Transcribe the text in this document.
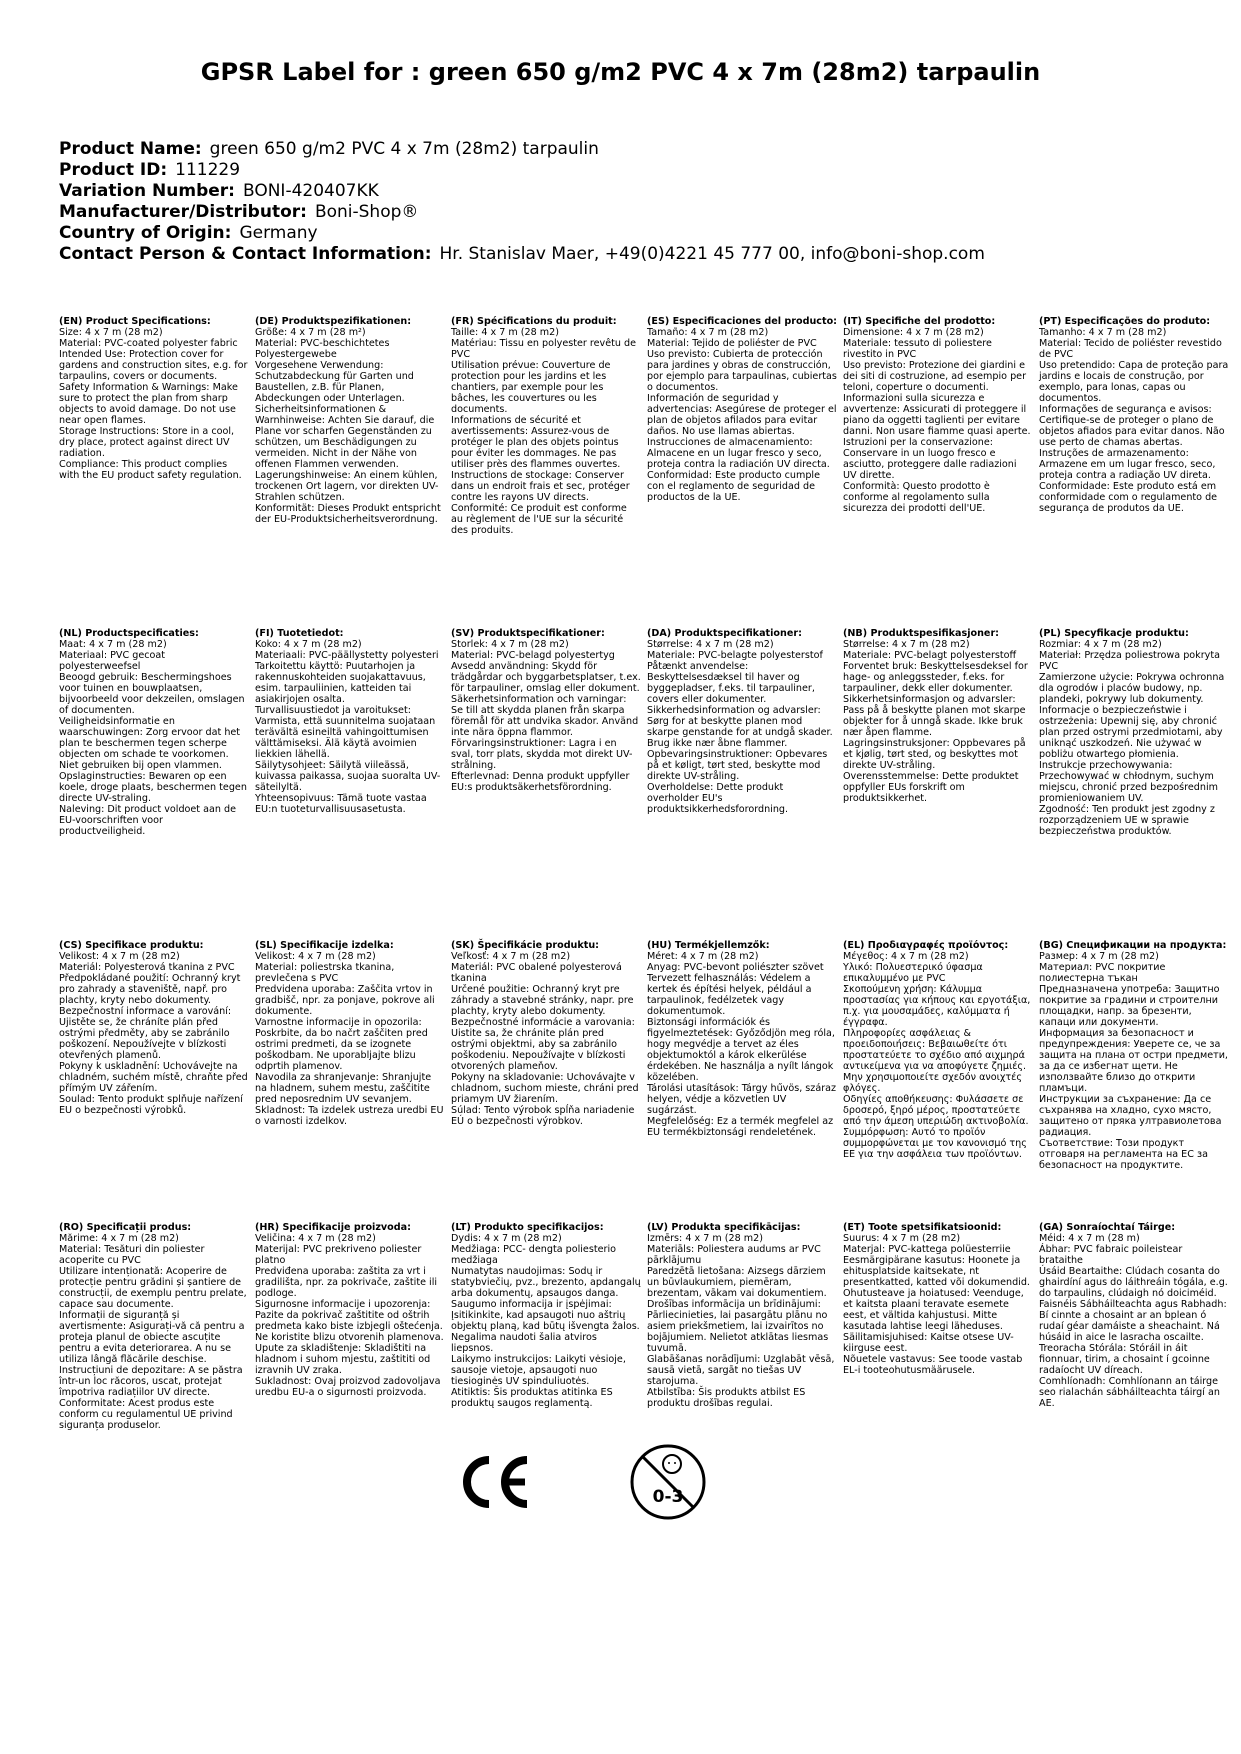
GPSR Label for : green 650 g/m2 PVC 4 x 7m (28m2) tarpaulin
Product Name: green 650 g/m2 PVC 4 x 7m (28m2) tarpaulin
Product ID: 111229
Variation Number: BONI-420407KK
Manufacturer/Distributor: Boni-Shop®
Country of Origin: Germany
Contact Person & Contact Information: Hr. Stanislav Maer, +49(0)4221 45 777 00, info@boni-shop.com
(EN) Product Specifications:

Size: 4 x 7 m (28 m2)

Material: PVC-coated polyester fabric

Intended Use: Protection cover for gardens and construction sites, e.g. for tarpaulins, covers or documents.

Safety Information & Warnings: Make sure to protect the plan from sharp objects to avoid damage. Do not use near open flames.

Storage Instructions: Store in a cool, dry place, protect against direct UV radiation.

Compliance: This product complies with the EU product safety regulation.

(DE) Produktspezifikationen:

Größe: 4 x 7 m (28 m²)

Material: PVC-beschichtetes Polyestergewebe

Vorgesehene Verwendung: Schutzabdeckung für Garten und Baustellen, z.B. für Planen, Abdeckungen oder Unterlagen.

Sicherheitsinformationen & Warnhinweise: Achten Sie darauf, die Plane vor scharfen Gegenständen zu schützen, um Beschädigungen zu vermeiden. Nicht in der Nähe von offenen Flammen verwenden.

Lagerungshinweise: An einem kühlen, trockenen Ort lagern, vor direkten UV-Strahlen schützen.

Konformität: Dieses Produkt entspricht der EU-Produktsicherheitsverordnung.

(FR) Spécifications du produit:

Taille: 4 x 7 m (28 m2)

Matériau: Tissu en polyester revêtu de PVC

Utilisation prévue: Couverture de protection pour les jardins et les chantiers, par exemple pour les bâches, les couvertures ou les documents.

Informations de sécurité et avertissements: Assurez-vous de protéger le plan des objets pointus pour éviter les dommages. Ne pas utiliser près des flammes ouvertes.

Instructions de stockage: Conserver dans un endroit frais et sec, protéger contre les rayons UV directs.

Conformité: Ce produit est conforme au règlement de l'UE sur la sécurité des produits.

(ES) Especificaciones del producto:

Tamaño: 4 x 7 m (28 m2)

Material: Tejido de poliéster de PVC

Uso previsto: Cubierta de protección para jardines y obras de construcción, por ejemplo para tarpaulinas, cubiertas o documentos.

Información de seguridad y advertencias: Asegúrese de proteger el plan de objetos afilados para evitar daños. No use llamas abiertas.

Instrucciones de almacenamiento: Almacene en un lugar fresco y seco, proteja contra la radiación UV directa.

Conformidad: Este producto cumple con el reglamento de seguridad de productos de la UE.

(IT) Specifiche del prodotto:

Dimensione: 4 x 7 m (28 m2)

Materiale: tessuto di poliestere rivestito in PVC

Uso previsto: Protezione dei giardini e dei siti di costruzione, ad esempio per teloni, coperture o documenti.

Informazioni sulla sicurezza e avvertenze: Assicurati di proteggere il piano da oggetti taglienti per evitare danni. Non usare fiamme quasi aperte.

Istruzioni per la conservazione: Conservare in un luogo fresco e asciutto, proteggere dalle radiazioni UV dirette.

Conformità: Questo prodotto è conforme al regolamento sulla sicurezza dei prodotti dell'UE.

(PT) Especificações do produto:

Tamanho: 4 x 7 m (28 m2)

Material: Tecido de poliéster revestido de PVC

Uso pretendido: Capa de proteção para jardins e locais de construção, por exemplo, para lonas, capas ou documentos.

Informações de segurança e avisos: Certifique-se de proteger o plano de objetos afiados para evitar danos. Não use perto de chamas abertas.

Instruções de armazenamento: Armazene em um lugar fresco, seco, proteja contra a radiação UV direta.

Conformidade: Este produto está em conformidade com o regulamento de segurança de produtos da UE.

(NL) Productspecificaties:

Maat: 4 x 7 m (28 m2)

Materiaal: PVC gecoat polyesterweefsel

Beoogd gebruik: Beschermingshoes voor tuinen en bouwplaatsen, bijvoorbeeld voor dekzeilen, omslagen of documenten.

Veiligheidsinformatie en waarschuwingen: Zorg ervoor dat het plan te beschermen tegen scherpe objecten om schade te voorkomen. Niet gebruiken bij open vlammen.

Opslaginstructies: Bewaren op een koele, droge plaats, beschermen tegen directe UV-straling.

Naleving: Dit product voldoet aan de EU-voorschriften voor productveiligheid.

(FI) Tuotetiedot:

Koko: 4 x 7 m (28 m2)

Materiaali: PVC-päällystetty polyesteri

Tarkoitettu käyttö: Puutarhojen ja rakennuskohteiden suojakattavuus, esim. tarpauliinien, katteiden tai asiakirjojen osalta.

Turvallisuustiedot ja varoitukset: Varmista, että suunnitelma suojataan terävältä esineiltä vahingoittumisen välttämiseksi. Älä käytä avoimien liekkien lähellä.

Säilytysohjeet: Säilytä viileässä, kuivassa paikassa, suojaa suoralta UV-säteilyltä.

Yhteensopivuus: Tämä tuote vastaa EU:n tuoteturvallisuusasetusta.

(SV) Produktspecifikationer:

Storlek: 4 x 7 m (28 m2)

Material: PVC-belagd polyestertyg

Avsedd användning: Skydd för trädgårdar och byggarbetsplatser, t.ex. för tarpauliner, omslag eller dokument.

Säkerhetsinformation och varningar: Se till att skydda planen från skarpa föremål för att undvika skador. Använd inte nära öppna flammor.

Förvaringsinstruktioner: Lagra i en sval, torr plats, skydda mot direkt UV-strålning.

Efterlevnad: Denna produkt uppfyller EU:s produktsäkerhetsförordning.

(DA) Produktspecifikationer:

Størrelse: 4 x 7 m (28 m2)

Materiale: PVC-belagte polyesterstof

Påtænkt anvendelse: Beskyttelsesdæksel til haver og byggepladser, f.eks. til tarpauliner, covers eller dokumenter.

Sikkerhedsinformation og advarsler: Sørg for at beskytte planen mod skarpe genstande for at undgå skader. Brug ikke nær åbne flammer.

Opbevaringsinstruktioner: Opbevares på et køligt, tørt sted, beskytte mod direkte UV-stråling.

Overholdelse: Dette produkt overholder EU's produktsikkerhedsforordning.

(NB) Produktspesifikasjoner:

Størrelse: 4 x 7 m (28 m2)

Materiale: PVC-belagt polyesterstoff

Forventet bruk: Beskyttelsesdeksel for hage- og anleggssteder, f.eks. for tarpauliner, dekk eller dokumenter.

Sikkerhetsinformasjon og advarsler: Pass på å beskytte planen mot skarpe objekter for å unngå skade. Ikke bruk nær åpen flamme.

Lagringsinstruksjoner: Oppbevares på et kjølig, tørt sted, og beskyttes mot direkte UV-stråling.

Overensstemmelse: Dette produktet oppfyller EUs forskrift om produktsikkerhet.

(PL) Specyfikacje produktu:

Rozmiar: 4 x 7 m (28 m2)

Materiał: Przędza poliestrowa pokryta PVC

Zamierzone użycie: Pokrywa ochronna dla ogrodów i placów budowy, np. plandeki, pokrywy lub dokumenty.

Informacje o bezpieczeństwie i ostrzeżenia: Upewnij się, aby chronić plan przed ostrymi przedmiotami, aby uniknąć uszkodzeń. Nie używać w pobliżu otwartego płomienia.

Instrukcje przechowywania: Przechowywać w chłodnym, suchym miejscu, chronić przed bezpośrednim promieniowaniem UV.

Zgodność: Ten produkt jest zgodny z rozporządzeniem UE w sprawie bezpieczeństwa produktów.

(CS) Specifikace produktu:

Velikost: 4 x 7 m (28 m2)

Materiál: Polyesterová tkanina z PVC

Předpokládané použití: Ochranný kryt pro zahrady a staveniště, např. pro plachty, kryty nebo dokumenty.

Bezpečnostní informace a varování: Ujistěte se, že chráníte plán před ostrými předměty, aby se zabránilo poškození. Nepoužívejte v blízkosti otevřených plamenů.

Pokyny k uskladnění: Uchovávejte na chladném, suchém místě, chraňte před přímým UV zářením.

Soulad: Tento produkt splňuje nařízení EU o bezpečnosti výrobků.

(SL) Specifikacije izdelka:

Velikost: 4 x 7 m (28 m2)

Material: poliestrska tkanina, prevlečena s PVC

Predvidena uporaba: Zaščita vrtov in gradbišč, npr. za ponjave, pokrove ali dokumente.

Varnostne informacije in opozorila: Poskrbite, da bo načrt zaščiten pred ostrimi predmeti, da se izognete poškodbam. Ne uporabljajte blizu odprtih plamenov.

Navodila za shranjevanje: Shranjujte na hladnem, suhem mestu, zaščitite pred neposrednim UV sevanjem.

Skladnost: Ta izdelek ustreza uredbi EU o varnosti izdelkov.

(SK) Špecifikácie produktu:

Veľkosť: 4 x 7 m (28 m2)

Materiál: PVC obalené polyesterová tkanina

Určené použitie: Ochranný kryt pre záhrady a stavebné stránky, napr. pre plachty, kryty alebo dokumenty.

Bezpečnostné informácie a varovania: Uistite sa, že chránite plán pred ostrými objektmi, aby sa zabránilo poškodeniu. Nepoužívajte v blízkosti otvorených plameňov.

Pokyny na skladovanie: Uchovávajte v chladnom, suchom mieste, chráni pred priamym UV žiarením.

Súlad: Tento výrobok spĺňa nariadenie EÚ o bezpečnosti výrobkov.

(HU) Termékjellemzők:

Méret: 4 x 7 m (28 m2)

Anyag: PVC-bevont poliészter szövet

Tervezett felhasználás: Védelem a kertek és építési helyek, például a tarpaulinok, fedélzetek vagy dokumentumok.

Biztonsági információk és figyelmeztetések: Győződjön meg róla, hogy megvédje a tervet az éles objektumoktól a károk elkerülése érdekében. Ne használja a nyílt lángok közelében.

Tárolási utasítások: Tárgy hűvös, száraz helyen, védje a közvetlen UV sugárzást.

Megfelelőség: Ez a termék megfelel az EU termékbiztonsági rendeletének.

(EL) Προδιαγραφές προϊόντος:

Μέγεθος: 4 x 7 m (28 m2)

Υλικό: Πολυεστερικό ύφασμα επικαλυμμένο με PVC

Σκοπούμενη χρήση: Κάλυμμα προστασίας για κήπους και εργοτάξια, π.χ. για μουσαμάδες, καλύμματα ή έγγραφα.

Πληροφορίες ασφάλειας & προειδοποιήσεις: Βεβαιωθείτε ότι προστατεύετε το σχέδιο από αιχμηρά αντικείμενα για να αποφύγετε ζημιές. Μην χρησιμοποιείτε σχεδόν ανοιχτές φλόγες.

Οδηγίες αποθήκευσης: Φυλάσσετε σε δροσερό, ξηρό μέρος, προστατεύετε από την άμεση υπεριώδη ακτινοβολία.

Συμμόρφωση: Αυτό το προϊόν συμμορφώνεται με τον κανονισμό της ΕΕ για την ασφάλεια των προϊόντων.

(BG) Спецификации на продукта:

Размер: 4 x 7 m (28 m2)

Материал: PVC покритие полиестерна тъкан

Предназначена употреба: Защитно покритие за градини и строителни площадки, напр. за брезенти, капаци или документи.

Информация за безопасност и предупреждения: Уверете се, че за защита на плана от остри предмети, за да се избегнат щети. Не използвайте близо до открити пламъци.

Инструкции за съхранение: Да се съхранява на хладно, сухо място, защитено от пряка ултравиолетова радиация.

Съответствие: Този продукт отговаря на регламента на ЕС за безопасност на продуктите.

(RO) Specificații produs:

Mărime: 4 x 7 m (28 m2)

Material: Tesături din poliester acoperite cu PVC

Utilizare intenționată: Acoperire de protecție pentru grădini și șantiere de construcții, de exemplu pentru prelate, capace sau documente.

Informații de siguranță și avertismente: Asigurați-vă că pentru a proteja planul de obiecte ascuțite pentru a evita deteriorarea. A nu se utiliza lângă flăcările deschise.

Instrucțiuni de depozitare: A se păstra într-un loc răcoros, uscat, protejat împotriva radiațiilor UV directe.

Conformitate: Acest produs este conform cu regulamentul UE privind siguranța produselor.

(HR) Specifikacije proizvoda:

Veličina: 4 x 7 m (28 m2)

Materijal: PVC prekriveno poliester platno

Predviđena uporaba: zaštita za vrt i gradilišta, npr. za pokrivače, zaštite ili podloge.

Sigurnosne informacije i upozorenja: Pazite da pokrivač zaštitite od oštrih predmeta kako biste izbjegli oštećenja. Ne koristite blizu otvorenih plamenova.

Upute za skladištenje: Skladištiti na hladnom i suhom mjestu, zaštititi od izravnih UV zraka.

Sukladnost: Ovaj proizvod zadovoljava uredbu EU-a o sigurnosti proizvoda.

(LT) Produkto specifikacijos:

Dydis: 4 x 7 m (28 m2)

Medžiaga: PCC- dengta poliesterio medžiaga

Numatytas naudojimas: Sodų ir statybviečių, pvz., brezento, apdangalų arba dokumentų, apsaugos danga.

Saugumo informacija ir įspėjimai: Įsitikinkite, kad apsaugoti nuo aštrių objektų planą, kad būtų išvengta žalos. Negalima naudoti šalia atviros liepsnos.

Laikymo instrukcijos: Laikyti vėsioje, sausoje vietoje, apsaugoti nuo tiesioginės UV spinduliuotės.

Atitiktis: Šis produktas atitinka ES produktų saugos reglamentą.

(LV) Produkta specifikācijas:

Izmērs: 4 x 7 m (28 m2)

Materiāls: Poliestera audums ar PVC pārklājumu

Paredzētā lietošana: Aizsegs dārziem un būvlaukumiem, piemēram, brezentam, vākam vai dokumentiem.

Drošības informācija un brīdinājumi: Pārliecinieties, lai pasargātu plānu no asiem priekšmetiem, lai izvairītos no bojājumiem. Nelietot atklātas liesmas tuvumā.

Glabāšanas norādījumi: Uzglabāt vēsā, sausā vietā, sargāt no tiešas UV starojuma.

Atbilstība: Šis produkts atbilst ES produktu drošības regulai.

(ET) Toote spetsifikatsioonid:

Suurus: 4 x 7 m (28 m2)

Materjal: PVC-kattega polüesterriie

Eesmärgipärane kasutus: Hoonete ja ehitusplatside kaitsekate, nt presentkatted, katted või dokumendid.

Ohutusteave ja hoiatused: Veenduge, et kaitsta plaani teravate esemete eest, et vältida kahjustusi. Mitte kasutada lahtise leegi läheduses.

Säilitamisjuhised: Kaitse otsese UV-kiirguse eest.

Nõuetele vastavus: See toode vastab EL-i tooteohutusmäärusele.

(GA) Sonraíochtaí Táirge:

Méid: 4 x 7 m (28 m)

Ábhar: PVC fabraic poileistear brataithe

Úsáid Beartaithe: Clúdach cosanta do ghairdíní agus do láithreáin tógála, e.g. do tarpaulins, clúdaigh nó doiciméid.

Faisnéis Sábháilteachta agus Rabhadh: Bí cinnte a chosaint ar an bplean ó rudaí géar damáiste a sheachaint. Ná húsáid in aice le lasracha oscailte.

Treoracha Stórála: Stóráil in áit fionnuar, tirim, a chosaint í gcoinne radaíocht UV díreach.

Comhlíonadh: Comhlíonann an táirge seo rialachán sábháilteachta táirgí an AE.

0-3
